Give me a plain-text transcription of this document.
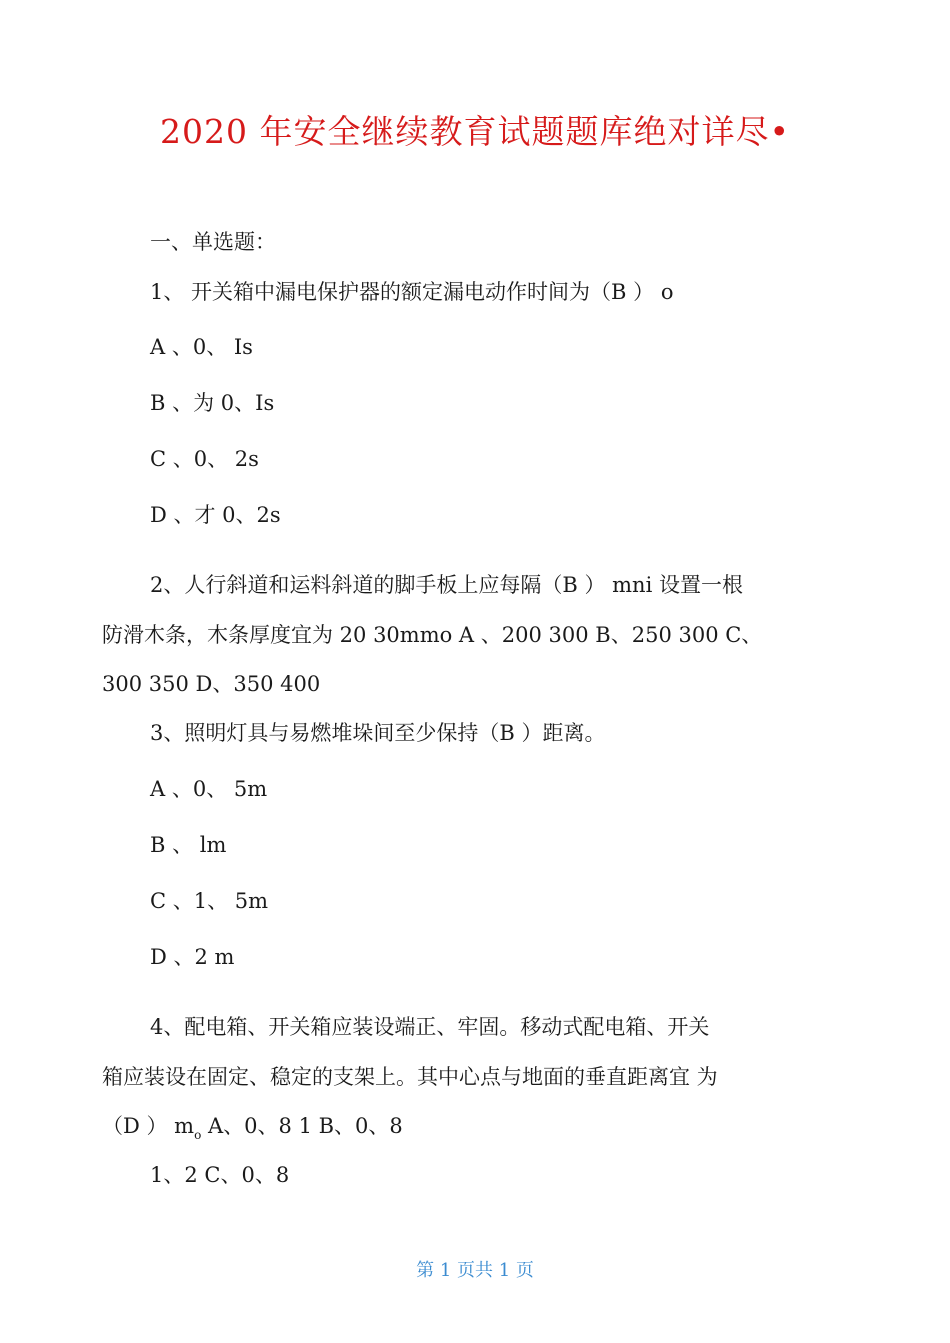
2020 年安全继续教育试题题库绝对详尽•
一、单选题：
1、 开关箱中漏电保护器的额定漏电动作时间为（B ） o
A 、0、 Is
B 、为 0、Is
C 、0、 2s
D 、才 0、2s
2、人行斜道和运料斜道的脚手板上应每隔（B ） mni 设置一根
防滑木条，木条厚度宜为 20 30mmo A 、200 300 B、250 300 C、
300 350 D、350 400
3、照明灯具与易燃堆垛间至少保持（B ）距离。
A 、0、 5m
B 、 lm
C 、1、 5m
D 、2 m
4、配电箱、开关箱应装设端正、牢固。移动式配电箱、开关
箱应装设在固定、稳定的支架上。其中心点与地面的垂直距离宜 为
（D ） $m_o$ A、0、8 1 B、0、8
1、2 C、0、8
第 1 页共 1 页
